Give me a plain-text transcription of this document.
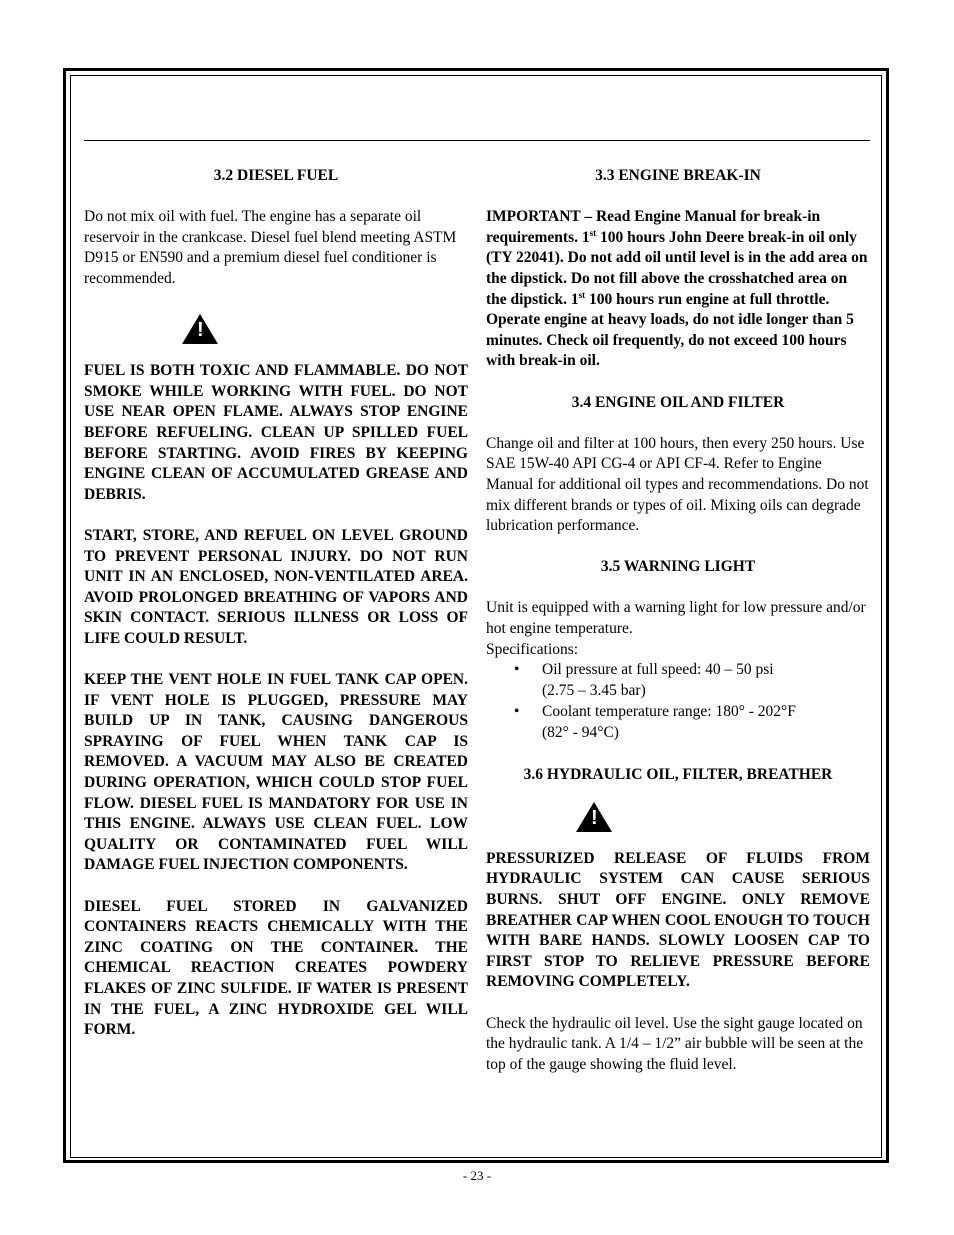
3.2 DIESEL FUEL

Do not mix oil with fuel. The engine has a separate oil reservoir in the crankcase. Diesel fuel blend meeting ASTM D915 or EN590 and a premium diesel fuel conditioner is recommended.

!

FUEL IS BOTH TOXIC AND FLAMMABLE. DO NOT SMOKE WHILE WORKING WITH FUEL. DO NOT USE NEAR OPEN FLAME. ALWAYS STOP ENGINE BEFORE REFUELING. CLEAN UP SPILLED FUEL BEFORE STARTING. AVOID FIRES BY KEEPING ENGINE CLEAN OF ACCUMULATED GREASE AND DEBRIS.

START, STORE, AND REFUEL ON LEVEL GROUND TO PREVENT PERSONAL INJURY. DO NOT RUN UNIT IN AN ENCLOSED, NON-VENTILATED AREA. AVOID PROLONGED BREATHING OF VAPORS AND SKIN CONTACT. SERIOUS ILLNESS OR LOSS OF LIFE COULD RESULT.

KEEP THE VENT HOLE IN FUEL TANK CAP OPEN. IF VENT HOLE IS PLUGGED, PRESSURE MAY BUILD UP IN TANK, CAUSING DANGEROUS SPRAYING OF FUEL WHEN TANK CAP IS REMOVED. A VACUUM MAY ALSO BE CREATED DURING OPERATION, WHICH COULD STOP FUEL FLOW. DIESEL FUEL IS MANDATORY FOR USE IN THIS ENGINE. ALWAYS USE CLEAN FUEL. LOW QUALITY OR CONTAMINATED FUEL WILL DAMAGE FUEL INJECTION COMPONENTS.

DIESEL FUEL STORED IN GALVANIZED CONTAINERS REACTS CHEMICALLY WITH THE ZINC COATING ON THE CONTAINER. THE CHEMICAL REACTION CREATES POWDERY FLAKES OF ZINC SULFIDE. IF WATER IS PRESENT IN THE FUEL, A ZINC HYDROXIDE GEL WILL FORM.

3.3 ENGINE BREAK-IN

IMPORTANT – Read Engine Manual for break-in requirements. 1st 100 hours John Deere break-in oil only (TY 22041). Do not add oil until level is in the add area on the dipstick. Do not fill above the crosshatched area on the dipstick. 1st 100 hours run engine at full throttle. Operate engine at heavy loads, do not idle longer than 5 minutes. Check oil frequently, do not exceed 100 hours with break-in oil.

3.4 ENGINE OIL AND FILTER

Change oil and filter at 100 hours, then every 250 hours. Use SAE 15W-40 API CG-4 or API CF-4. Refer to Engine Manual for additional oil types and recommendations. Do not mix different brands or types of oil. Mixing oils can degrade lubrication performance.

3.5 WARNING LIGHT

Unit is equipped with a warning light for low pressure and/or hot engine temperature.

Specifications:

• Oil pressure at full speed: 40 – 50 psi
(2.75 – 3.45 bar)
• Coolant temperature range: 180° - 202°F
(82° - 94°C)
3.6 HYDRAULIC OIL, FILTER, BREATHER
!

PRESSURIZED RELEASE OF FLUIDS FROM HYDRAULIC SYSTEM CAN CAUSE SERIOUS BURNS. SHUT OFF ENGINE. ONLY REMOVE BREATHER CAP WHEN COOL ENOUGH TO TOUCH WITH BARE HANDS. SLOWLY LOOSEN CAP TO FIRST STOP TO RELIEVE PRESSURE BEFORE REMOVING COMPLETELY.

Check the hydraulic oil level. Use the sight gauge located on the hydraulic tank. A 1/4 – 1/2” air bubble will be seen at the top of the gauge showing the fluid level.

- 23 -
